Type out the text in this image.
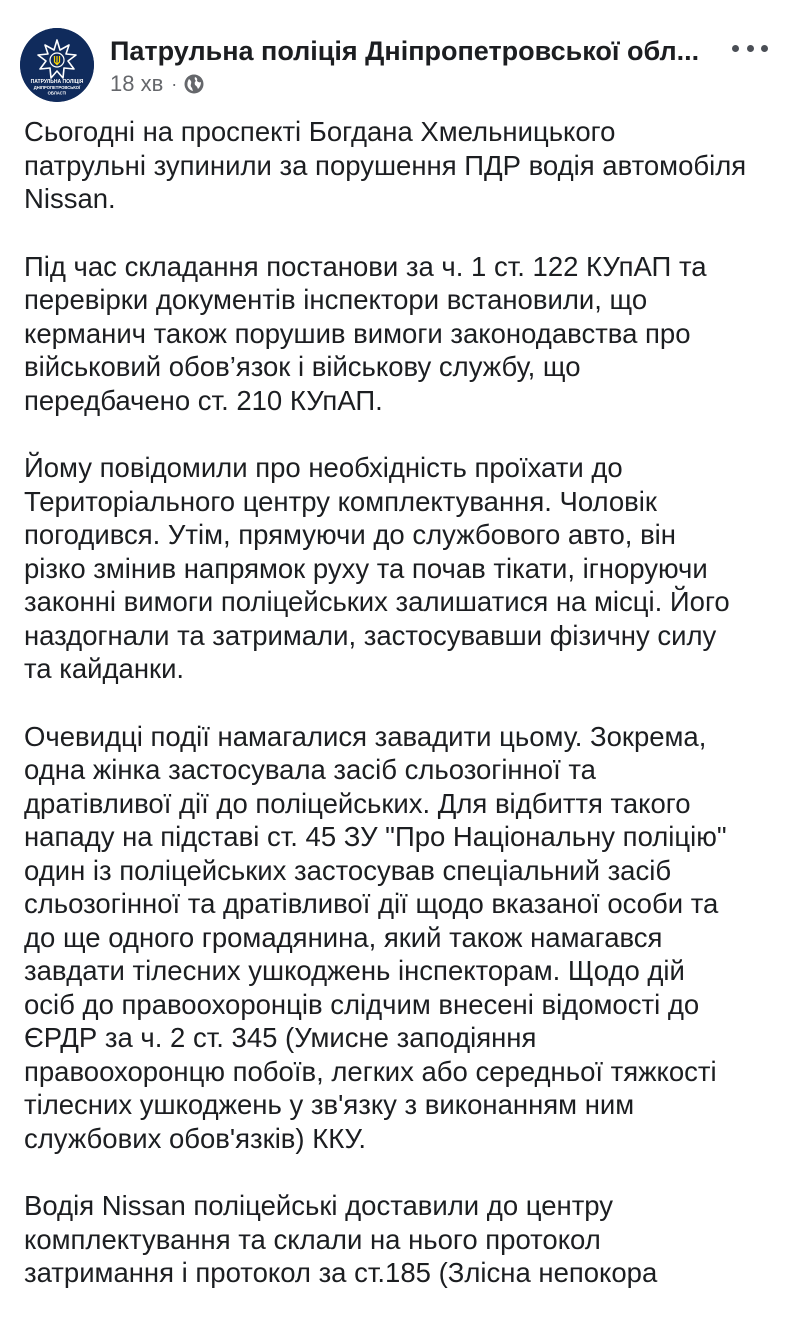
ПАТРУЛЬНА ПОЛІЦІЯ
ДНІПРОПЕТРОВСЬКОЇ
ОБЛАСТІ
Патрульна поліція Дніпропетровської обл...
18 хв ·

Сьогодні на проспекті Богдана Хмельницького
патрульні зупинили за порушення ПДР водія автомобіля
Nissan.

Під час складання постанови за ч. 1 ст. 122 КУпАП та
перевірки документів інспектори встановили, що
керманич також порушив вимоги законодавства про
військовий обов’язок і військову службу, що
передбачено ст. 210 КУпАП.

Йому повідомили про необхідність проїхати до
Територіального центру комплектування. Чоловік
погодився. Утім, прямуючи до службового авто, він
різко змінив напрямок руху та почав тікати, ігноруючи
законні вимоги поліцейських залишатися на місці. Його
наздогнали та затримали, застосувавши фізичну силу
та кайданки.

Очевидці події намагалися завадити цьому. Зокрема,
одна жінка застосувала засіб сльозогінної та
дратівливої дії до поліцейських. Для відбиття такого
нападу на підставі ст. 45 ЗУ "Про Національну поліцію"
один із поліцейських застосував спеціальний засіб
сльозогінної та дратівливої дії щодо вказаної особи та
до ще одного громадянина, який також намагався
завдати тілесних ушкоджень інспекторам. Щодо дій
осіб до правоохоронців слідчим внесені відомості до
ЄРДР за ч. 2 ст. 345 (Умисне заподіяння
правоохоронцю побоїв, легких або середньої тяжкості
тілесних ушкоджень у зв'язку з виконанням ним
службових обов'язків) ККУ.

Водія Nissan поліцейські доставили до центру
комплектування та склали на нього протокол
затримання і протокол за ст.185 (Злісна непокора
